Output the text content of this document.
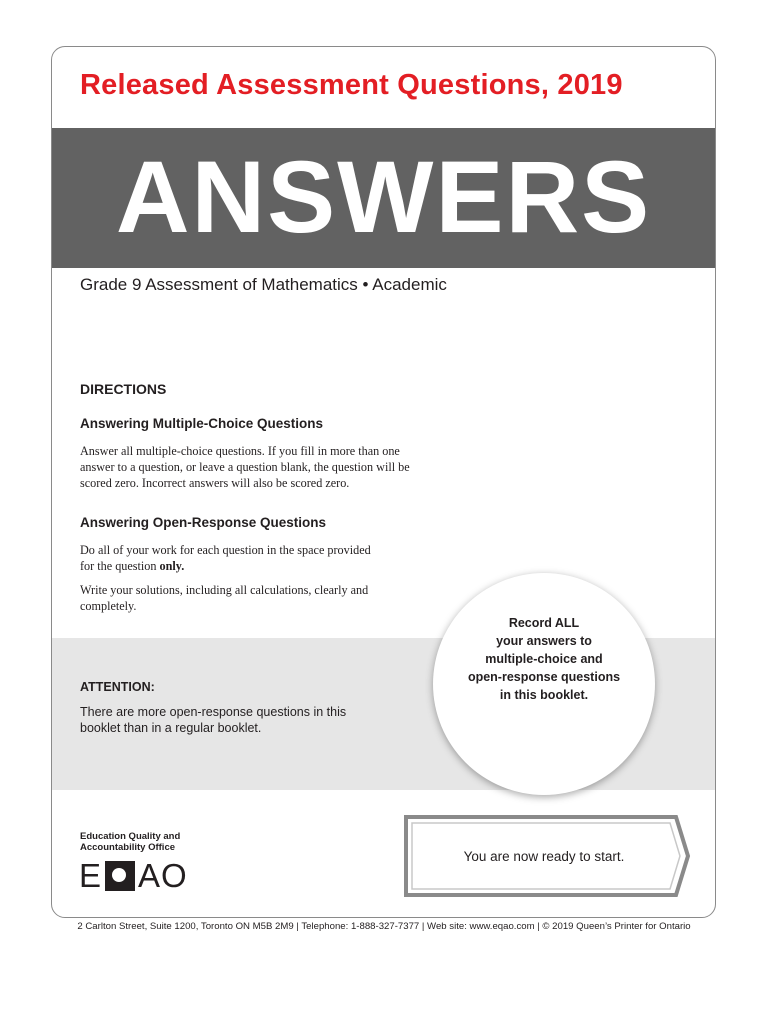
Released Assessment Questions, 2019
ANSWERS
Grade 9 Assessment of Mathematics • Academic
DIRECTIONS
Answering Multiple-Choice Questions

Answer all multiple-choice questions. If you fill in more than one answer to a question, or leave a question blank, the question will be scored zero. Incorrect answers will also be scored zero.

Answering Open-Response Questions

Do all of your work for each question in the space provided for the question only.

Write your solutions, including all calculations, clearly and completely.

ATTENTION:

There are more open-response questions in this booklet than in a regular booklet.

Record ALL
your answers to
multiple-choice and
open-response questions
in this booklet.

Education Quality and
Accountability Office

E AO
You are now ready to start.
2 Carlton Street, Suite 1200, Toronto ON M5B 2M9 | Telephone: 1-888-327-7377 | Web site: www.eqao.com | © 2019 Queen’s Printer for Ontario
